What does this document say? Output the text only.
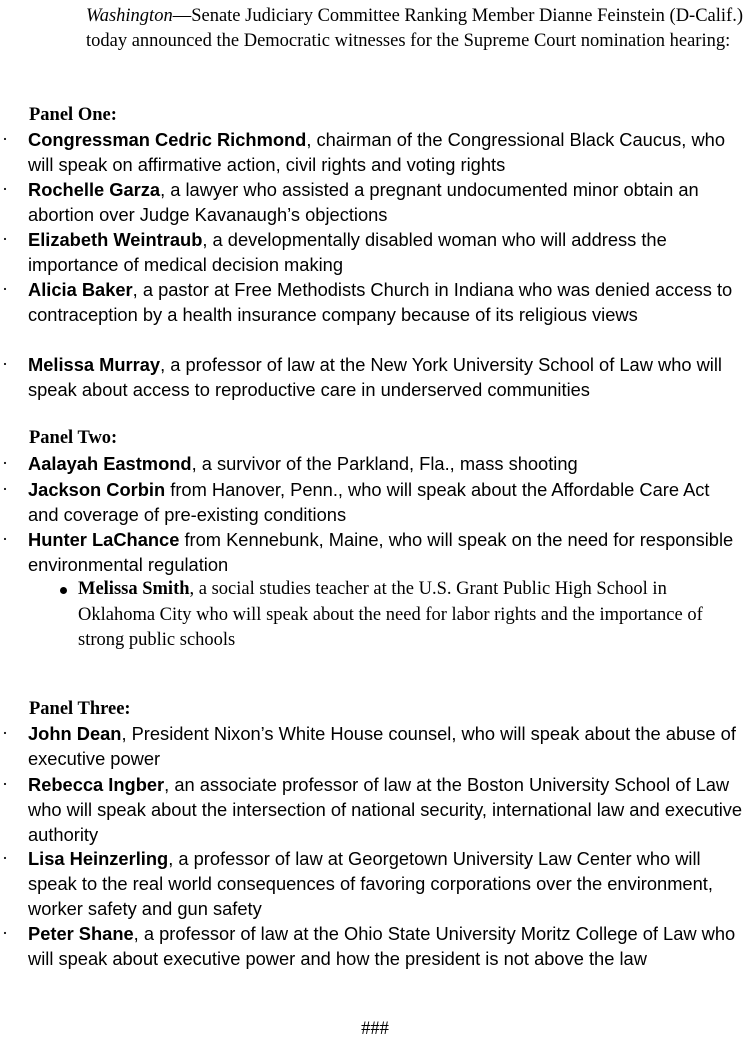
Washington—Senate Judiciary Committee Ranking Member Dianne Feinstein (D-Calif.) today announced the Democratic witnesses for the Supreme Court nomination hearing:
Panel One:
·	Congressman Cedric Richmond, chairman of the Congressional Black Caucus, who will speak on affirmative action, civil rights and voting rights
·	Rochelle Garza, a lawyer who assisted a pregnant undocumented minor obtain an abortion over Judge Kavanaugh’s objections
·	Elizabeth Weintraub, a developmentally disabled woman who will address the importance of medical decision making
·	Alicia Baker, a pastor at Free Methodists Church in Indiana who was denied access to contraception by a health insurance company because of its religious views
·	Melissa Murray, a professor of law at the New York University School of Law who will speak about access to reproductive care in underserved communities
Panel Two:
·	Aalayah Eastmond, a survivor of the Parkland, Fla., mass shooting
·	Jackson Corbin from Hanover, Penn., who will speak about the Affordable Care Act and coverage of pre-existing conditions
·	Hunter LaChance from Kennebunk, Maine, who will speak on the need for responsible environmental regulation
Melissa Smith, a social studies teacher at the U.S. Grant Public High School in Oklahoma City who will speak about the need for labor rights and the importance of strong public schools
Panel Three:
·	John Dean, President Nixon’s White House counsel, who will speak about the abuse of executive power
·	Rebecca Ingber, an associate professor of law at the Boston University School of Law who will speak about the intersection of national security, international law and executive authority
·	Lisa Heinzerling, a professor of law at Georgetown University Law Center who will speak to the real world consequences of favoring corporations over the environment, worker safety and gun safety
·	Peter Shane, a professor of law at the Ohio State University Moritz College of Law who will speak about executive power and how the president is not above the law
###
